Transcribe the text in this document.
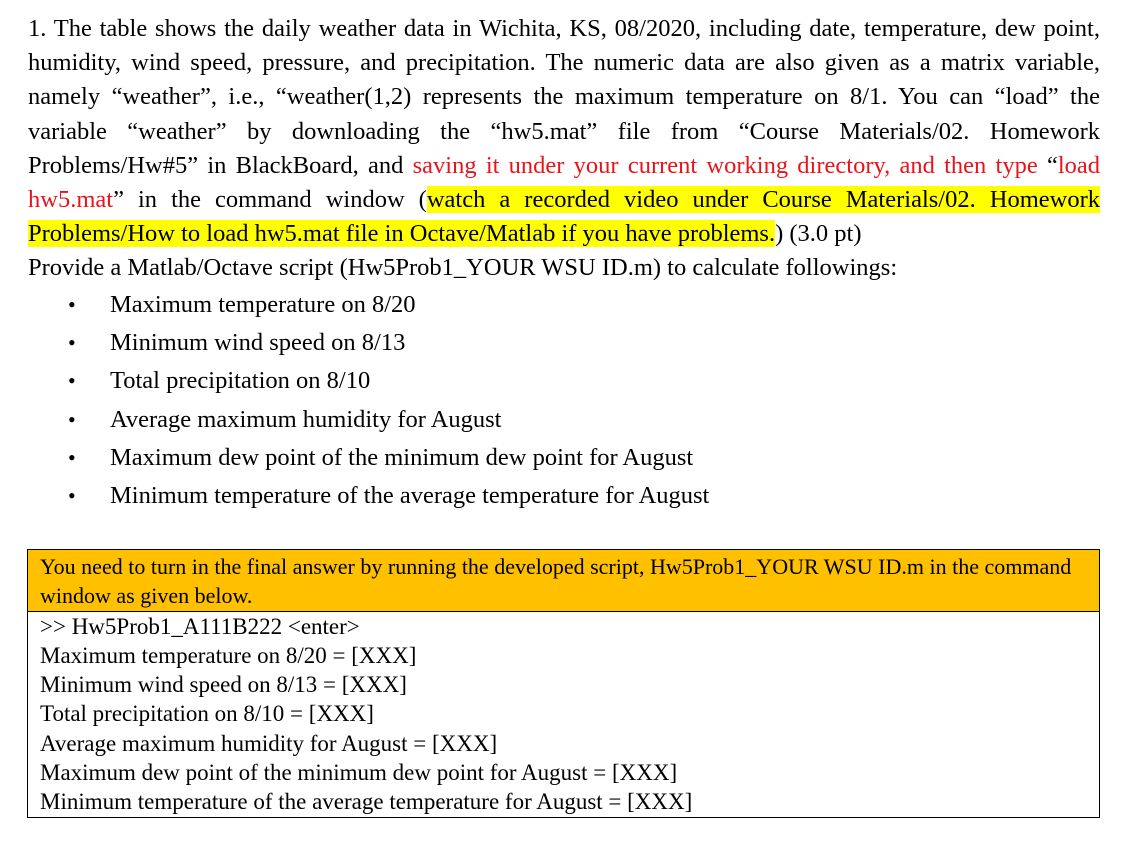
1. The table shows the daily weather data in Wichita, KS, 08/2020, including date, temperature, dew point, humidity, wind speed, pressure, and precipitation. The numeric data are also given as a matrix variable, namely “weather”, i.e., “weather(1,2) represents the maximum temperature on 8/1. You can “load” the variable “weather” by downloading the “hw5.mat” file from “Course Materials/02. Homework Problems/Hw#5” in BlackBoard, and saving it under your current working directory, and then type “load hw5.mat” in the command window (watch a recorded video under Course Materials/02. Homework Problems/How to load hw5.mat file in Octave/Matlab if you have problems.) (3.0 pt)

Provide a Matlab/Octave script (Hw5Prob1_YOUR WSU ID.m) to calculate followings:

• Maximum temperature on 8/20
• Minimum wind speed on 8/13
• Total precipitation on 8/10
• Average maximum humidity for August
• Maximum dew point of the minimum dew point for August
• Minimum temperature of the average temperature for August
You need to turn in the final answer by running the developed script, Hw5Prob1_YOUR WSU ID.m in the command window as given below.
>> Hw5Prob1_A111B222 <enter>
Maximum temperature on 8/20 = [XXX]
Minimum wind speed on 8/13 = [XXX]
Total precipitation on 8/10 = [XXX]
Average maximum humidity for August = [XXX]
Maximum dew point of the minimum dew point for August = [XXX]
Minimum temperature of the average temperature for August = [XXX]
